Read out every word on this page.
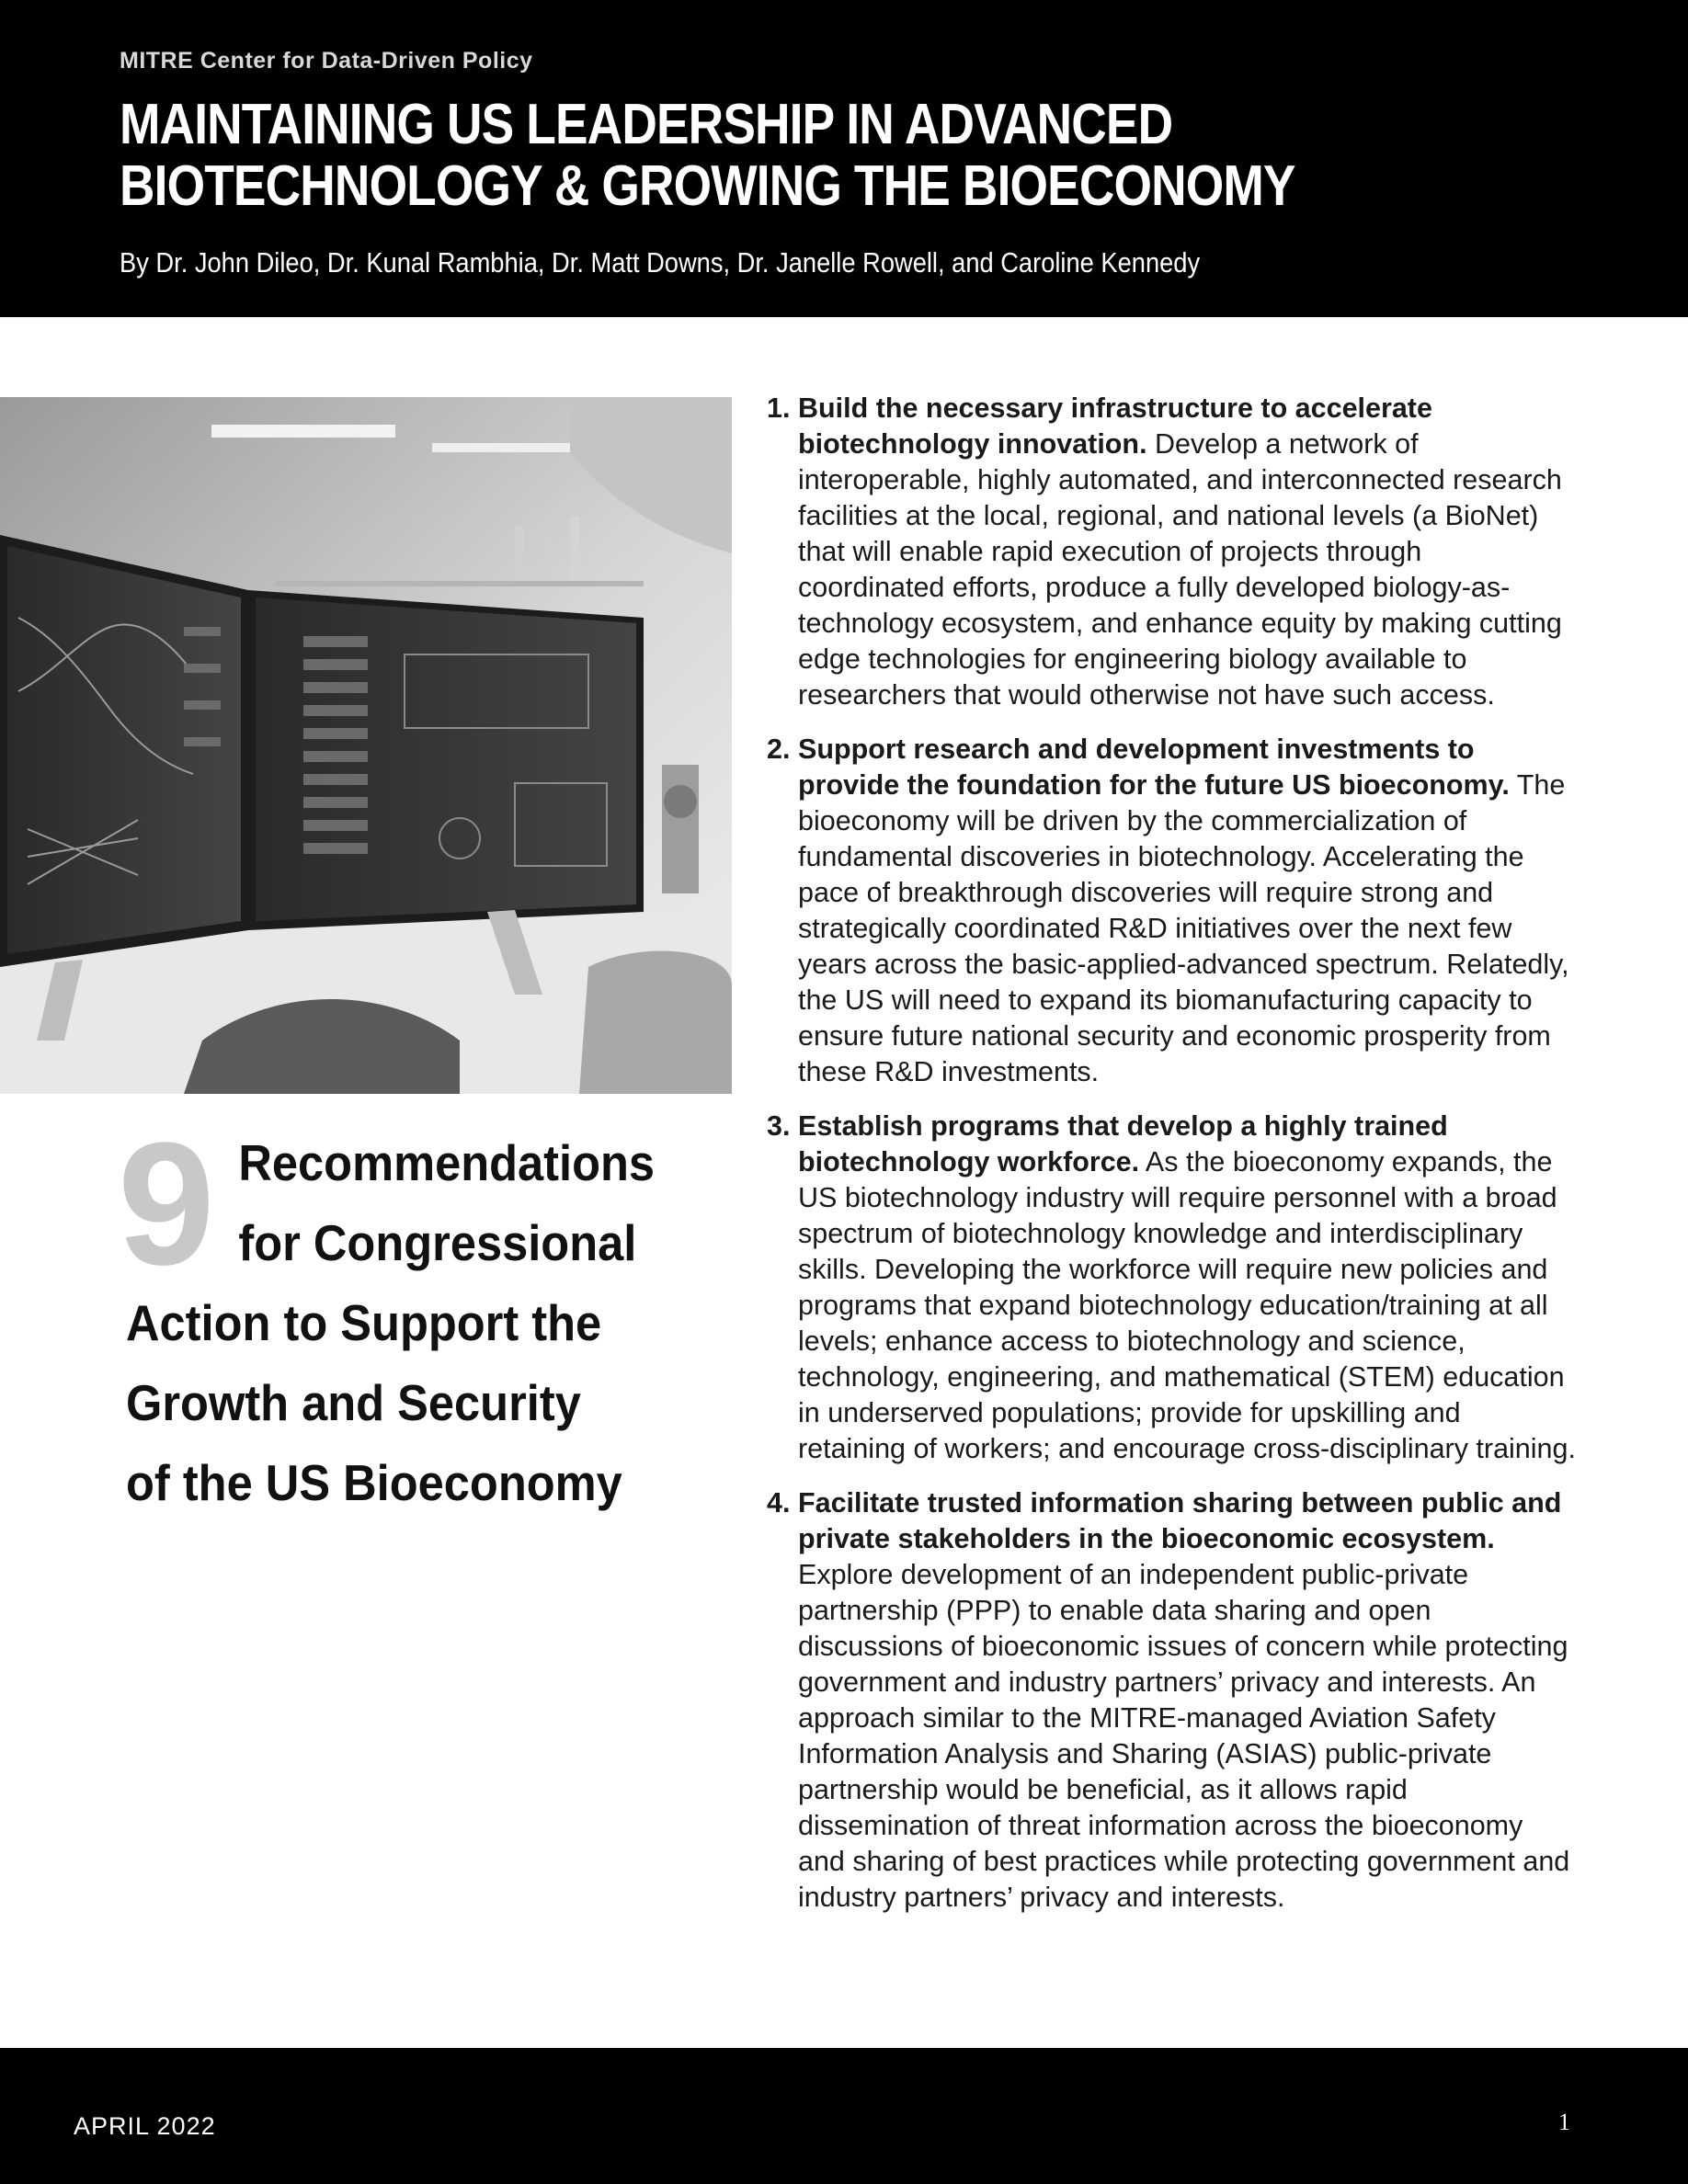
MITRE Center for Data-Driven Policy
MAINTAINING US LEADERSHIP IN ADVANCED
BIOTECHNOLOGY & GROWING THE BIOECONOMY
By Dr. John Dileo, Dr. Kunal Rambhia, Dr. Matt Downs, Dr. Janelle Rowell, and Caroline Kennedy
9 Recommendations
for Congressional
Action to Support the
Growth and Security
of the US Bioeconomy
1. Build the necessary infrastructure to accelerate biotechnology innovation. Develop a network of interoperable, highly automated, and interconnected research facilities at the local, regional, and national levels (a BioNet) that will enable rapid execution of projects through coordinated efforts, produce a fully developed biology-as-technology ecosystem, and enhance equity by making cutting edge technologies for engineering biology available to researchers that would otherwise not have such access.
2. Support research and development investments to provide the foundation for the future US bioeconomy. The bioeconomy will be driven by the commercialization of fundamental discoveries in biotechnology. Accelerating the pace of breakthrough discoveries will require strong and strategically coordinated R&D initiatives over the next few years across the basic-applied-advanced spectrum. Relatedly, the US will need to expand its biomanufacturing capacity to ensure future national security and economic prosperity from these R&D investments.
3. Establish programs that develop a highly trained biotechnology workforce. As the bioeconomy expands, the US biotechnology industry will require personnel with a broad spectrum of biotechnology knowledge and interdisciplinary skills. Developing the workforce will require new policies and programs that expand biotechnology education/training at all levels; enhance access to biotechnology and science, technology, engineering, and mathematical (STEM) education in underserved populations; provide for upskilling and retaining of workers; and encourage cross-disciplinary training.
4. Facilitate trusted information sharing between public and private stakeholders in the bioeconomic ecosystem. Explore development of an independent public-private partnership (PPP) to enable data sharing and open discussions of bioeconomic issues of concern while protecting government and industry partners’ privacy and interests. An approach similar to the MITRE-managed Aviation Safety Information Analysis and Sharing (ASIAS) public-private partnership would be beneficial, as it allows rapid dissemination of threat information across the bioeconomy and sharing of best practices while protecting government and industry partners’ privacy and interests.
APRIL 2022	1
